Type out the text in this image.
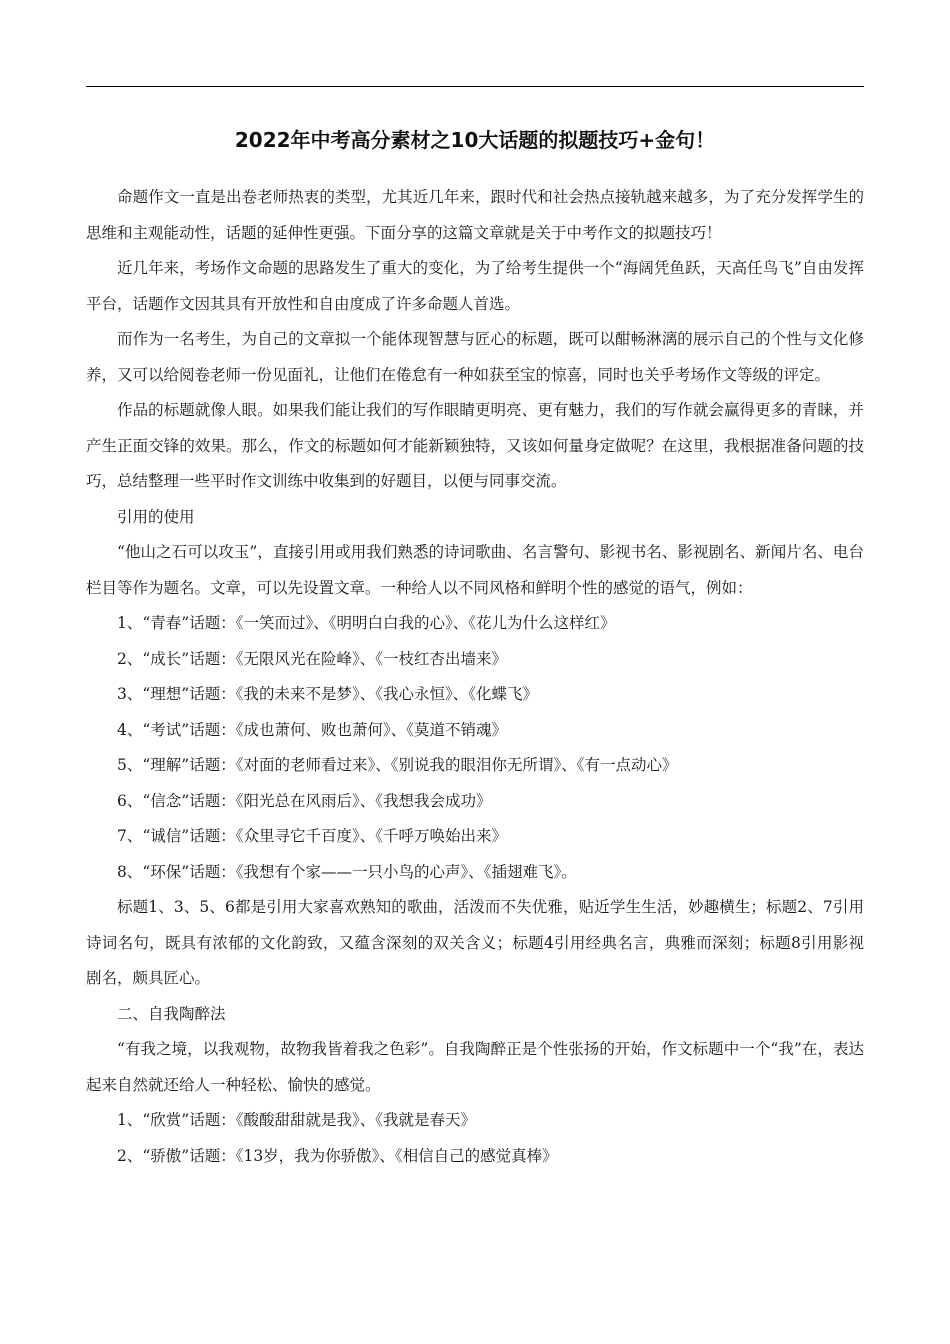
2022年中考高分素材之10大话题的拟题技巧+金句！

命题作文一直是出卷老师热衷的类型，尤其近几年来，跟时代和社会热点接轨越来越多，为了充分发挥学生的思维和主观能动性，话题的延伸性更强。下面分享的这篇文章就是关于中考作文的拟题技巧！

近几年来，考场作文命题的思路发生了重大的变化，为了给考生提供一个“海阔凭鱼跃，天高任鸟飞”自由发挥平台，话题作文因其具有开放性和自由度成了许多命题人首选。

而作为一名考生，为自己的文章拟一个能体现智慧与匠心的标题，既可以酣畅淋漓的展示自己的个性与文化修养，又可以给阅卷老师一份见面礼，让他们在倦怠有一种如获至宝的惊喜，同时也关乎考场作文等级的评定。

作品的标题就像人眼。如果我们能让我们的写作眼睛更明亮、更有魅力，我们的写作就会赢得更多的青睐，并产生正面交锋的效果。那么，作文的标题如何才能新颖独特，又该如何量身定做呢？在这里，我根据准备问题的技巧，总结整理一些平时作文训练中收集到的好题目，以便与同事交流。

引用的使用

“他山之石可以攻玉”，直接引用或用我们熟悉的诗词歌曲、名言警句、影视书名、影视剧名、新闻片名、电台栏目等作为题名。文章，可以先设置文章。一种给人以不同风格和鲜明个性的感觉的语气，例如：

1、“青春”话题：《一笑而过》、《明明白白我的心》、《花儿为什么这样红》

2、“成长”话题：《无限风光在险峰》、《一枝红杏出墙来》

3、“理想”话题：《我的未来不是梦》、《我心永恒》、《化蝶飞》

4、“考试”话题：《成也萧何、败也萧何》、《莫道不销魂》

5、“理解”话题：《对面的老师看过来》、《别说我的眼泪你无所谓》、《有一点动心》

6、“信念”话题：《阳光总在风雨后》、《我想我会成功》

7、“诚信”话题：《众里寻它千百度》、《千呼万唤始出来》

8、“环保”话题：《我想有个家——一只小鸟的心声》、《插翅难飞》。

标题1、3、5、6都是引用大家喜欢熟知的歌曲，活泼而不失优雅，贴近学生生活，妙趣横生；标题2、7引用诗词名句，既具有浓郁的文化韵致，又蕴含深刻的双关含义；标题4引用经典名言，典雅而深刻；标题8引用影视剧名，颇具匠心。

二、自我陶醉法

“有我之境，以我观物，故物我皆着我之色彩”。自我陶醉正是个性张扬的开始，作文标题中一个“我”在，表达起来自然就还给人一种轻松、愉快的感觉。

1、“欣赏”话题：《酸酸甜甜就是我》、《我就是春天》

2、“骄傲”话题：《13岁，我为你骄傲》、《相信自己的感觉真棒》
